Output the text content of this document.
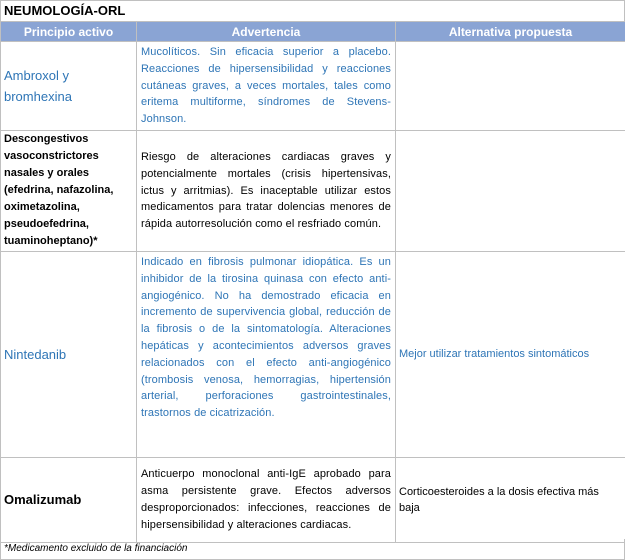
NEUMOLOGÍA-ORL
Principio activo	Advertencia	Alternativa propuesta
Ambroxol y bromhexina	Mucolíticos. Sin eficacia superior a placebo. Reacciones de hipersensibilidad y reacciones cutáneas graves, a veces mortales, tales como eritema multiforme, síndromes de Stevens-Johnson.	
Descongestivos vasoconstrictores nasales y orales (efedrina, nafazolina, oximetazolina, pseudoefedrina, tuaminoheptano)*	Riesgo de alteraciones cardiacas graves y potencialmente mortales (crisis hipertensivas, ictus y arritmias). Es inaceptable utilizar estos medicamentos para tratar dolencias menores de rápida autorresolución como el resfriado común.	
Nintedanib	Indicado en fibrosis pulmonar idiopática. Es un inhibidor de la tirosina quinasa con efecto anti-angiogénico. No ha demostrado eficacia en incremento de supervivencia global, reducción de la fibrosis o de la sintomatología. Alteraciones hepáticas y acontecimientos adversos graves relacionados con el efecto anti-angiogénico (trombosis venosa, hemorragias, hipertensión arterial, perforaciones gastrointestinales, trastornos de cicatrización.	Mejor utilizar tratamientos sintomáticos
Omalizumab	Anticuerpo monoclonal anti-IgE aprobado para asma persistente grave. Efectos adversos desproporcionados: infecciones, reacciones de hipersensibilidad y alteraciones cardiacas.	Corticoesteroides a la dosis efectiva más baja
*Medicamento excluido de la financiación
